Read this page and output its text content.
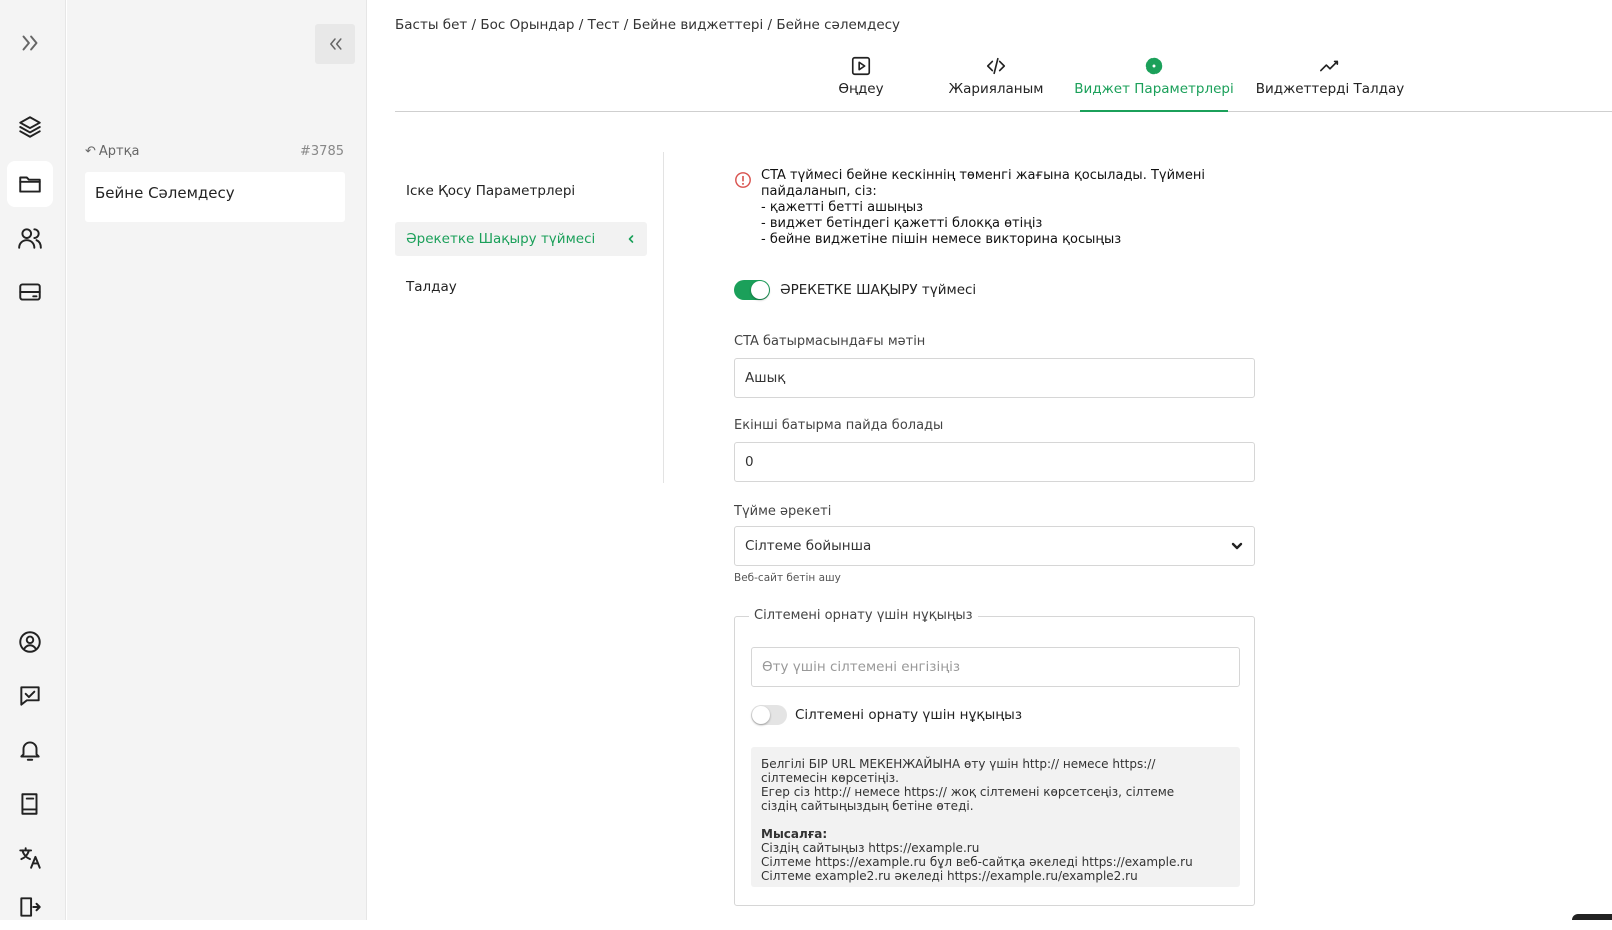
↶ Артқа	#3785
Бейне Сәлемдесу
Басты бет / Бос Орындар / Тест / Бейне виджеттері / Бейне сәлемдесу
Өңдеу	Жарияланым Виджет Параметрлері Виджеттерді Талдау
Іске Қосу Параметрлері
Әрекетке Шақыру түймесі
Талдау
CTA түймесі бейне кескіннің төменгі жағына қосылады. Түймені
пайдаланып, сіз:
- қажетті бетті ашыңыз
- виджет бетіндегі қажетті блокқа өтіңіз
- бейне виджетіне пішін немесе викторина қосыңыз
ӘРЕКЕТКЕ ШАҚЫРУ түймесі
CTA батырмасындағы мәтін
Ашық
Екінші батырма пайда болады
0
Түйме әрекеті
Сілтеме бойынша
Веб-сайт бетін ашу
Сілтемені орнату үшін нұқыңыз
Өту үшін сілтемені енгізіңіз
Сілтемені орнату үшін нұқыңыз
Белгілі БІР URL МЕКЕНЖАЙЫНА өту үшін http:// немесе https://
сілтемесін көрсетіңіз.
Егер сіз http:// немесе https:// жоқ сілтемені көрсетсеңіз, сілтеме
сіздің сайтыңыздың бетіне өтеді.
Мысалға:
Сіздің сайтыңыз https://example.ru
Сілтеме https://example.ru бұл веб-сайтқа әкеледі https://example.ru
Сілтеме example2.ru әкеледі https://example.ru/example2.ru
